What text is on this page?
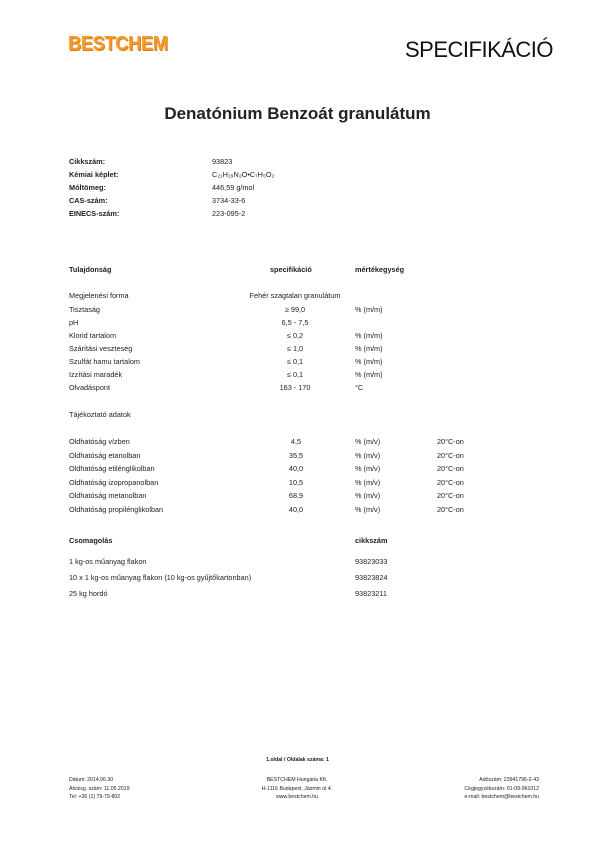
BESTCHEM	SPECIFIKÁCIÓ
Denatónium Benzoát granulátum
Cikkszám:	93823
Kémiai képlet:	C₂₁H₂₉N₂O•C₇H₅O₂
Móltömeg:	446,59 g/mol
CAS-szám:	3734-33-6
EINECS-szám:	223-095-2
Tulajdonság	specifikáció	mértékegység
Megjelenési forma	Fehér szagtalan granulátum
Tisztaság	≥ 99,0	% (m/m)
pH	6,5 - 7,5
Klorid tartalom	≤ 0,2	% (m/m)
Szárítási veszteség	≤ 1,0	% (m/m)
Szulfát hamu tartalom	≤ 0,1	% (m/m)
Izzítási maradék	≤ 0,1	% (m/m)
Olvadáspont	163 - 170	°C
Tájékoztató adatok
Oldhatóság vízben	4,5	% (m/v)	20°C-on
Oldhatóság etanolban	35,5	% (m/v)	20°C-on
Oldhatóság etilénglikolban	40,0	% (m/v)	20°C-on
Oldhatóság izopropanolban	10,5	% (m/v)	20°C-on
Oldhatóság metanolban	68,9	% (m/v)	20°C-on
Oldhatóság propilénglikolban	40,0	% (m/v)	20°C-on
Csomagolás	cikkszám
1 kg-os műanyag flakon	93823033
10 x 1 kg-os műanyag flakon (10 kg-os gyűjtőkartonban)	93823824
25 kg hordó	93823211
1.oldal / Oldalak száma: 1
Dátum: 2014.06.30
Átvizsg. szám: 11.05.2019
Tel: +36 (1) 79-79-802
BESTCHEM Hungária Kft.
H-1116 Budapest, Jázmin út 4.
www.bestchem.hu
Adószám: 23941796-2-43
Cégjegyzékszám: 01-09-961012
e-mail: bestchem@bestchem.hu
